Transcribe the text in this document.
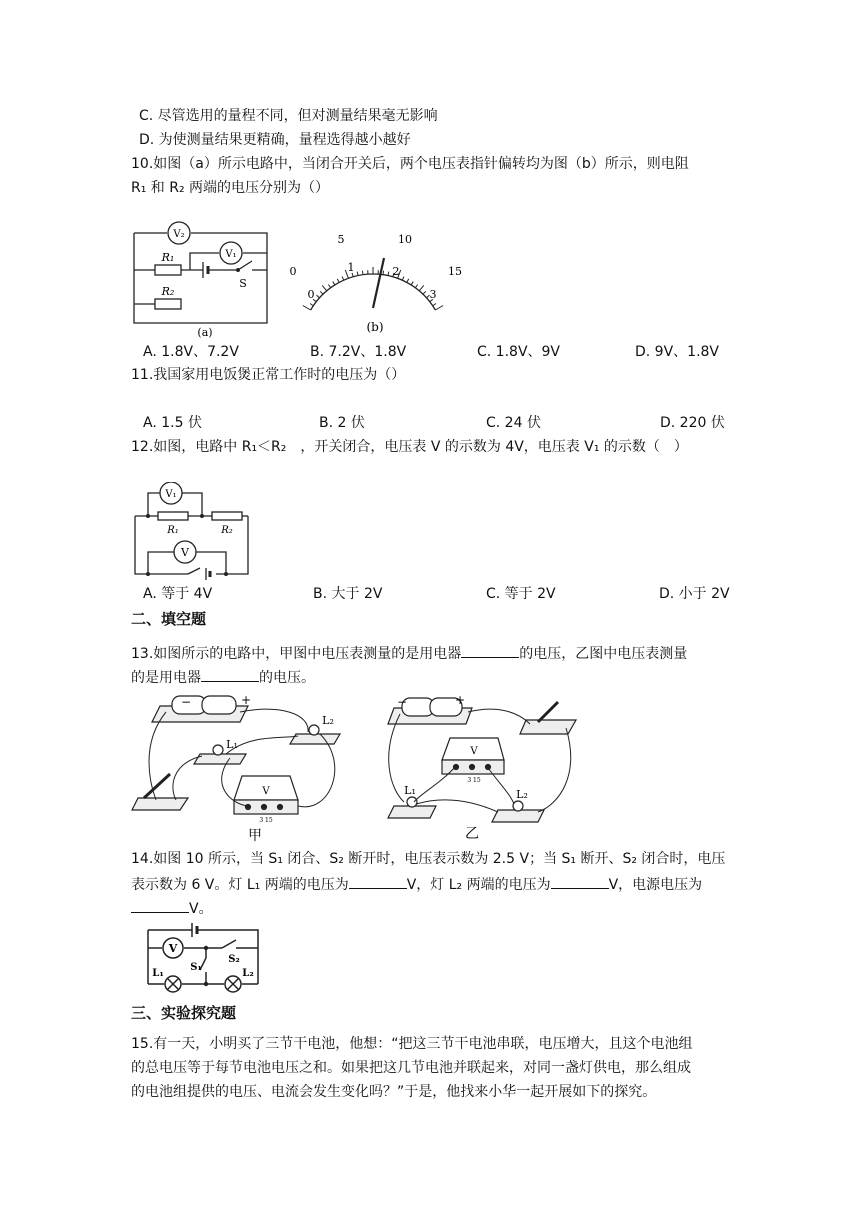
C. 尽管选用的量程不同，但对测量结果毫无影响
D. 为使测量结果更精确，量程选得越小越好
10.如图（a）所示电路中，当闭合开关后，两个电压表指针偏转均为图（b）所示，则电阻
R₁ 和 R₂ 两端的电压分别为（）
V₂
V₁
R₁
R₂
S
(a)
0
5	10
15
0
1	2
3
(b)
A. 1.8V、7.2V	B. 7.2V、1.8V	C. 1.8V、9V	D. 9V、1.8V
11.我国家用电饭煲正常工作时的电压为（）
A. 1.5 伏	B. 2 伏	C. 24 伏	D. 220 伏
12.如图，电路中 R₁＜R₂　，开关闭合，电压表 V 的示数为 4V，电压表 V₁ 的示数（　）
V₁
V
R₁	R₂
A. 等于 4V	B. 大于 2V	C. 等于 2V	D. 小于 2V
二、填空题
13.如图所示的电路中，甲图中电压表测量的是用电器	的电压，乙图中电压表测量
的是用电器	的电压。
−	+
L₂
L₁
V
3 15
甲
−	+
V
3 15
L₁	L₂
乙
14.如图 10 所示，当 S₁ 闭合、S₂ 断开时，电压表示数为 2.5 V；当 S₁ 断开、S₂ 闭合时，电压
表示数为 6 V。灯 L₁ 两端的电压为	V，灯 L₂ 两端的电压为	V，电源电压为
V。
V
S₁
S₂
L₁	L₂
三、实验探究题
15.有一天，小明买了三节干电池，他想：“把这三节干电池串联，电压增大，且这个电池组
的总电压等于每节电池电压之和。如果把这几节电池并联起来，对同一盏灯供电，那么组成
的电池组提供的电压、电流会发生变化吗？”于是，他找来小华一起开展如下的探究。
